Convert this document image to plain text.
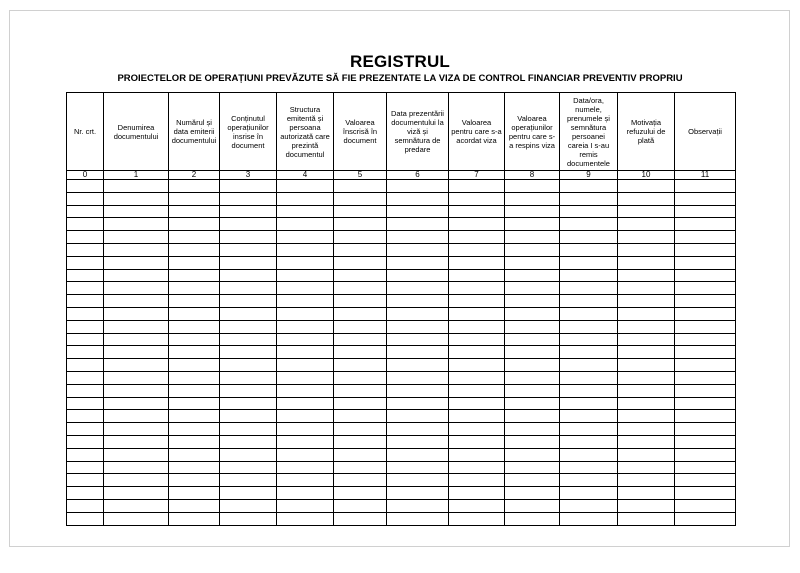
REGISTRUL
PROIECTELOR DE OPERAȚIUNI PREVĂZUTE SĂ FIE PREZENTATE LA VIZA DE CONTROL FINANCIAR PREVENTIV PROPRIU
Nr. crt.	Denumirea documentului	Numărul și data emiterii documentului	Conținutul operațiunilor insrise în document	Structura emitentă și persoana autorizată care prezintă documentul	Valoarea înscrisă în document	Data prezentării documentului la viză și semnătura de predare	Valoarea pentru care s-a acordat viza	Valoarea operațiunilor pentru care s-a respins viza	Data/ora, numele, prenumele și semnătura persoanei careia I s-au remis documentele	Motivația refuzului de plată	Observații
0	1	2	3	4	5	6	7	8	9	10	11
